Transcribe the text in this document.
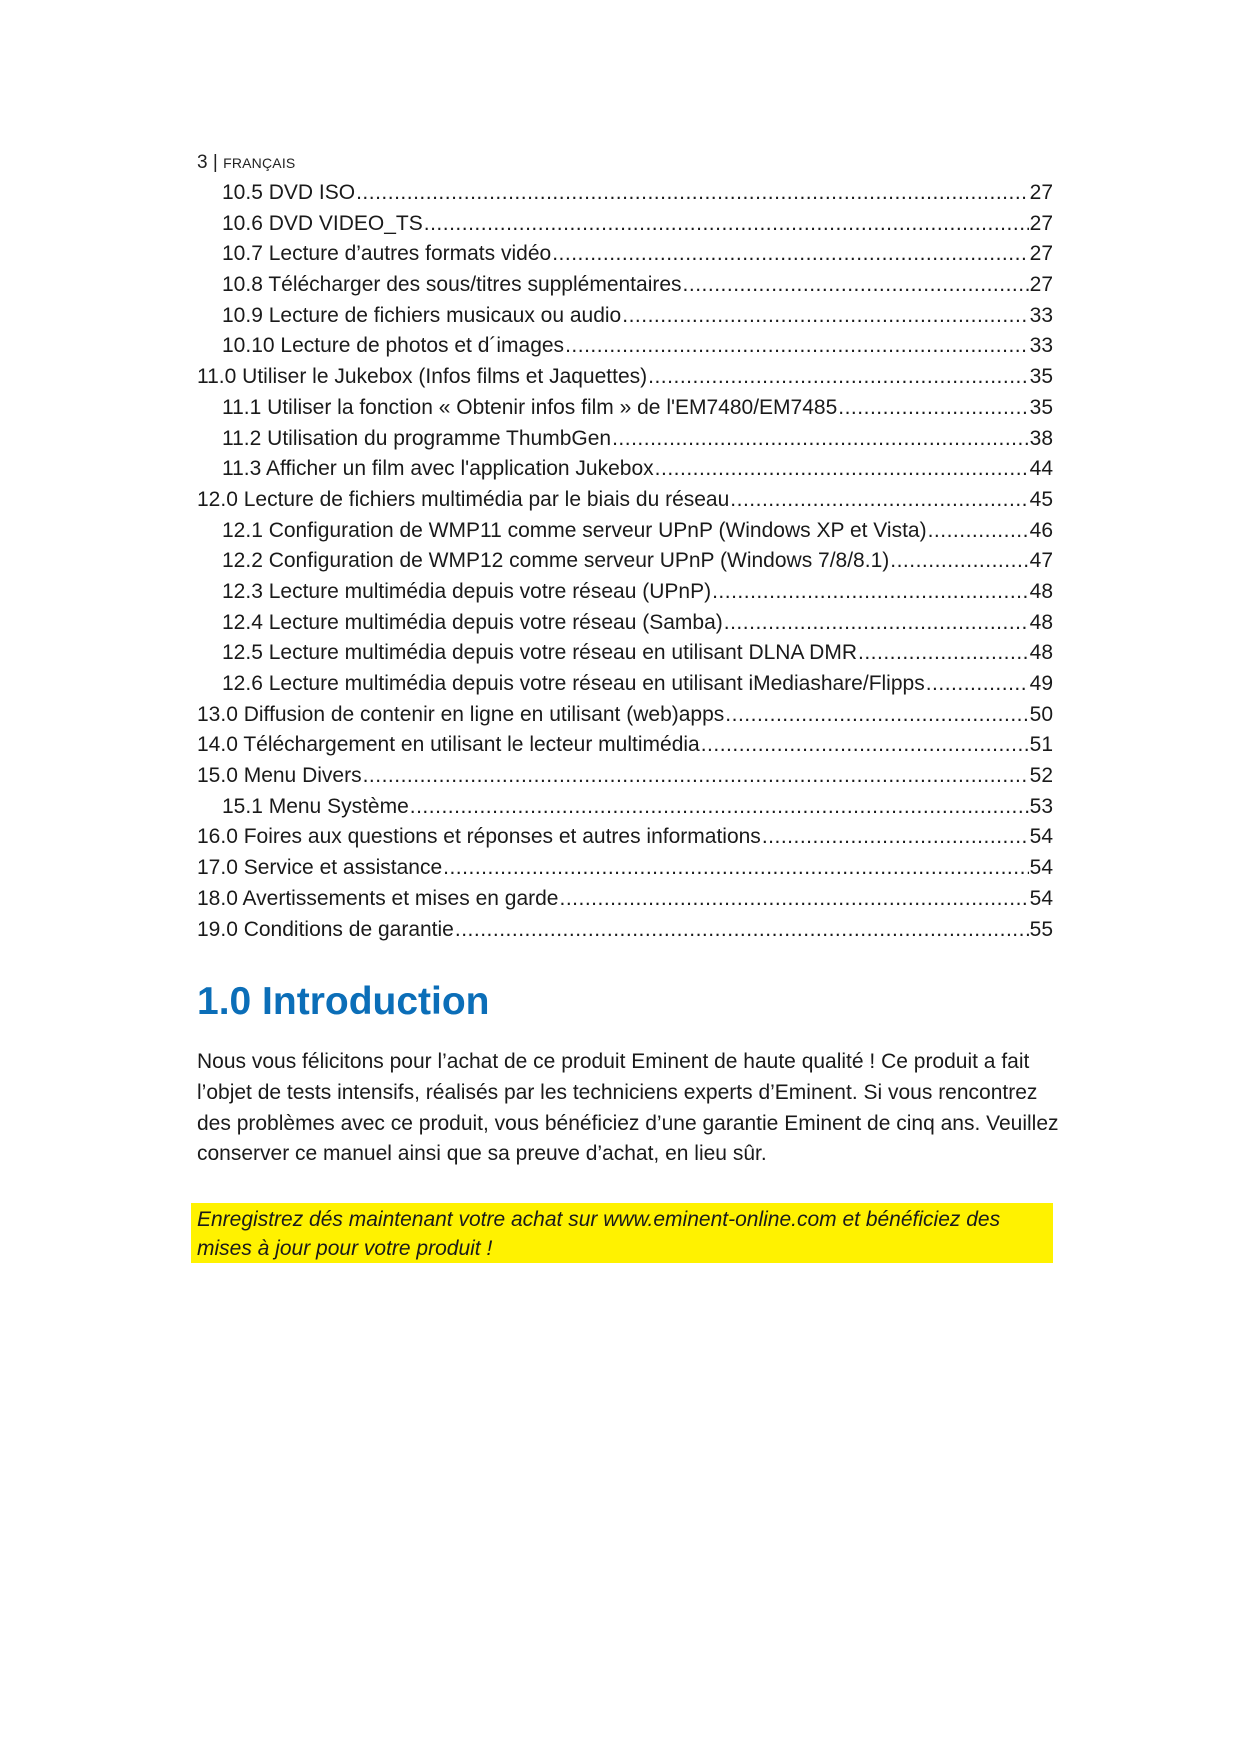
3 | FRANÇAIS
10.5 DVD ISO .....	27
10.6 DVD VIDEO_TS .....	27
10.7 Lecture d’autres formats vidéo .....	27
10.8 Télécharger des sous/titres supplémentaires .....	27
10.9 Lecture de fichiers musicaux ou audio .....	33
10.10 Lecture de photos et d´images .....	33
11.0 Utiliser le Jukebox (Infos films et Jaquettes) .....	35
11.1 Utiliser la fonction « Obtenir infos film » de l'EM7480/EM7485 .....	35
11.2 Utilisation du programme ThumbGen .....	38
11.3 Afficher un film avec l'application Jukebox .....	44
12.0 Lecture de fichiers multimédia par le biais du réseau .....	45
12.1 Configuration de WMP11 comme serveur UPnP (Windows XP et Vista) .....	46
12.2 Configuration de WMP12 comme serveur UPnP (Windows 7/8/8.1) .....	47
12.3 Lecture multimédia depuis votre réseau (UPnP) .....	48
12.4 Lecture multimédia depuis votre réseau (Samba) .....	48
12.5 Lecture multimédia depuis votre réseau en utilisant DLNA DMR .....	48
12.6 Lecture multimédia depuis votre réseau en utilisant iMediashare/Flipps .....	49
13.0 Diffusion de contenir en ligne en utilisant (web)apps .....	50
14.0 Téléchargement en utilisant le lecteur multimédia .....	51
15.0 Menu Divers .....	52
15.1 Menu Système .....	53
16.0 Foires aux questions et réponses et autres informations .....	54
17.0 Service et assistance .....	54
18.0 Avertissements et mises en garde .....	54
19.0 Conditions de garantie .....	55
1.0 Introduction

Nous vous félicitons pour l’achat de ce produit Eminent de haute qualité ! Ce produit a fait l’objet de tests intensifs, réalisés par les techniciens experts d’Eminent. Si vous rencontrez des problèmes avec ce produit, vous bénéficiez d’une garantie Eminent de cinq ans. Veuillez conserver ce manuel ainsi que sa preuve d’achat, en lieu sûr.

Enregistrez dés maintenant votre achat sur www.eminent-online.com et bénéficiez des mises à jour pour votre produit !
